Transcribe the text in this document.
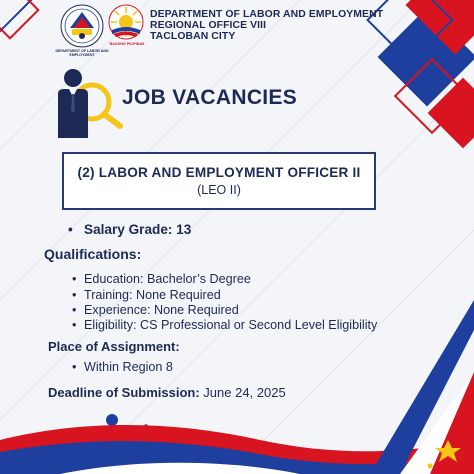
DEPARTMENT OF LABOR AND EMPLOYMENT
BAGONG PILIPINAS
DEPARTMENT OF LABOR AND EMPLOYMENT
REGIONAL OFFICE VIII
TACLOBAN CITY
JOB VACANCIES
(2) LABOR AND EMPLOYMENT OFFICER II
(LEO II)
• Salary Grade: 13
Qualifications:
• Education: Bachelor’s Degree
• Training: None Required
• Experience: None Required
• Eligibility: CS Professional or Second Level Eligibility
Place of Assignment:
• Within Region 8
Deadline of Submission: June 24, 2025
